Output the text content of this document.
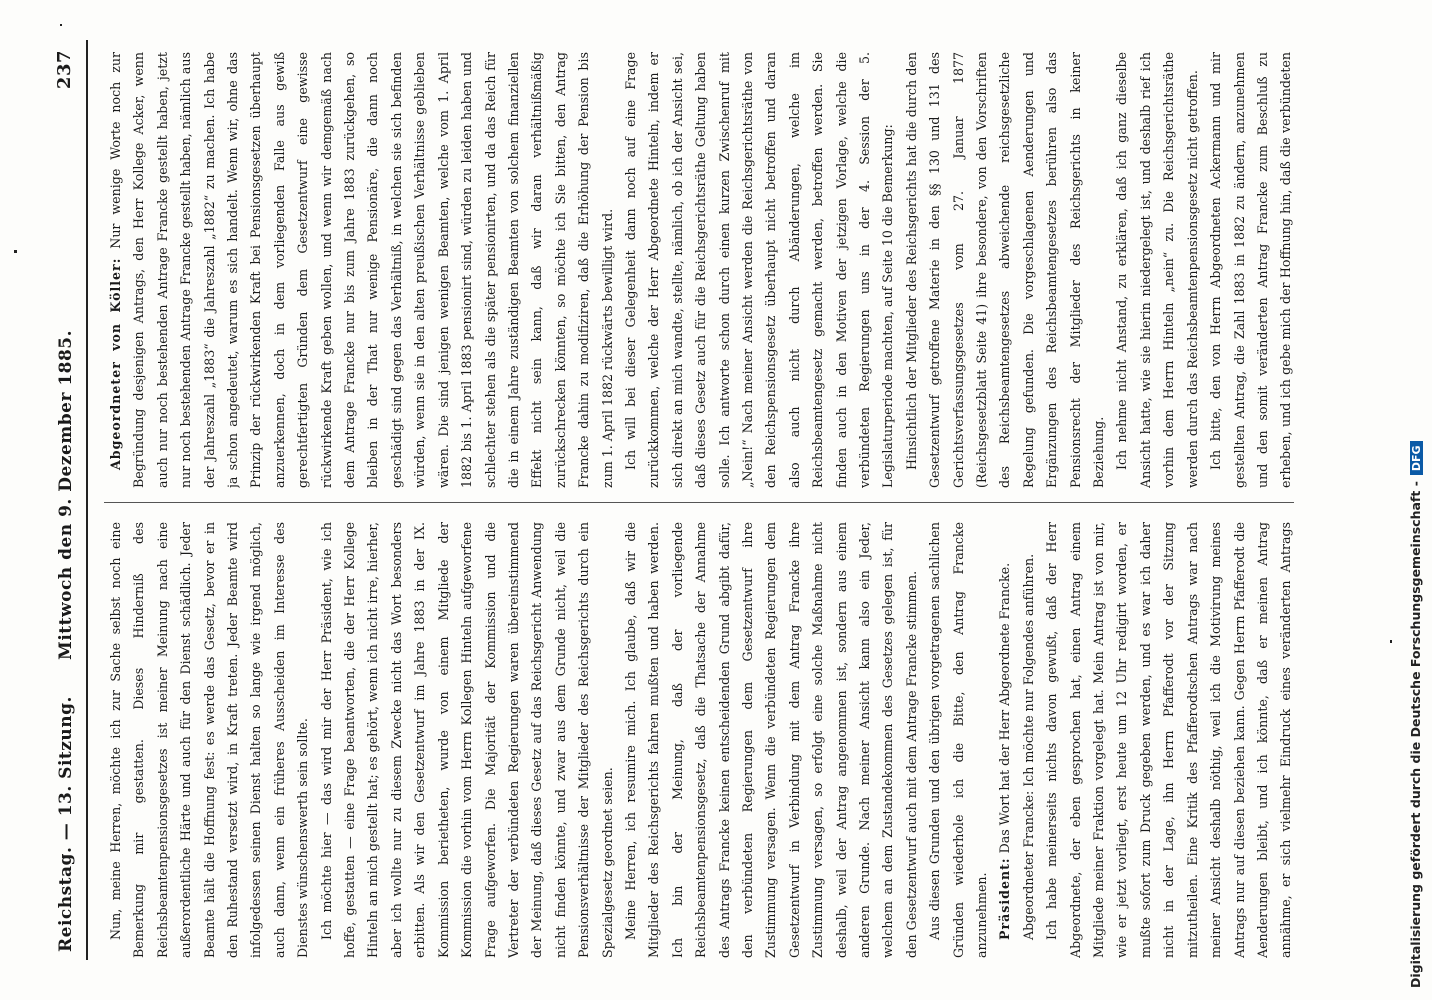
Reichstag. — 13. Sitzung.
Mittwoch den 9. Dezember 1885.
237

Nun, meine Herren, möchte ich zur Sache selbst noch eine Bemerkung mir gestatten. Dieses Hinderniß des Reichsbeamtenpensionsgesetzes ist meiner Meinung nach eine außerordentliche Härte und auch für den Dienst schädlich. Jeder Beamte hält die Hoffnung fest: es werde das Gesetz, bevor er in den Ruhestand versetzt wird, in Kraft treten. Jeder Beamte wird infolgedessen seinen Dienst halten so lange wie irgend möglich, auch dann, wenn ein früheres Ausscheiden im Interesse des Dienstes wünschenswerth sein sollte. Ich möchte hier — das wird mir der Herr Präsident, wie ich hoffe, gestatten — eine Frage beantworten, die der Herr Kollege Hinteln an mich gestellt hat; es gehört, wenn ich nicht irre, hierher, aber ich wollte nur zu diesem Zwecke nicht das Wort besonders erbitten. Als wir den Gesetzentwurf im Jahre 1883 in der IX. Kommission berietheten, wurde von einem Mitgliede der Kommission die vorhin vom Herrn Kollegen Hinteln aufgeworfene Frage aufgeworfen. Die Majorität der Kommission und die Vertreter der verbündeten Regierungen waren übereinstimmend der Meinung, daß dieses Gesetz auf das Reichsgericht Anwendung nicht finden könnte, und zwar aus dem Grunde nicht, weil die Pensionsverhältnisse der Mitglieder des Reichsgerichts durch ein Spezialgesetz geordnet seien. Meine Herren, ich resumire mich. Ich glaube, daß wir die Mitglieder des Reichsgerichts fahren mußten und haben werden. Ich bin der Meinung, daß der vorliegende Reichsbeamtenpensionsgesetz, daß die Thatsache der Annahme des Antrags Francke keinen entscheidenden Grund abgibt dafür, den verbündeten Regierungen dem Gesetzentwurf ihre Zustimmung versagen. Wenn die verbündeten Regierungen dem Gesetzentwurf in Verbindung mit dem Antrag Francke ihre Zustimmung versagen, so erfolgt eine solche Maßnahme nicht deshalb, weil der Antrag angenommen ist, sondern aus einem anderen Grunde. Nach meiner Ansicht kann also ein Jeder, welchem an dem Zustandekommen des Gesetzes gelegen ist, für den Gesetzentwurf auch mit dem Antrage Francke stimmen. Aus diesen Grunden und den übrigen vorgetragenen sachlichen Gründen wiederhole ich die Bitte, den Antrag Francke anzunehmen. Präsident: Das Wort hat der Herr Abgeordnete Francke. Abgeordneter Francke: Ich möchte nur Folgendes anführen. Ich habe meinerseits nichts davon gewußt, daß der Herr Abgeordnete, der eben gesprochen hat, einen Antrag einem Mitgliede meiner Fraktion vorgelegt hat. Mein Antrag ist von mir, wie er jetzt vorliegt, erst heute um 12 Uhr redigirt worden, er mußte sofort zum Druck gegeben werden, und es war ich daher nicht in der Lage, ihn Herrn Pfafferodt vor der Sitzung mitzutheilen. Eine Kritik des Pfafferodtschen Antrags war nach meiner Ansicht deshalb nöthig, weil ich die Motivirung meines Antrags nur auf diesen beziehen kann. Gegen Herrn Pfafferodt die Aenderungen bleibt, und ich könnte, daß er meinen Antrag annähme, er sich vielmehr Eindruck eines veränderten Antrags

Abgeordneter von Köller: Nur wenige Worte noch zur Begründung desjenigen Antrags, den Herr Kollege Acker, wenn auch nur noch bestehenden Antrage Francke gestellt haben, jetzt nur noch bestehenden Antrage Francke gestellt haben, nämlich aus der Jahreszahl „1883“ die Jahreszahl „1882“ zu machen. Ich habe ja schon angedeutet, warum es sich handelt. Wenn wir, ohne das Prinzip der rückwirkenden Kraft bei Pensionsgesetzen überhaupt anzuerkennen, doch in dem vorliegenden Falle aus gewiß gerechtfertigten Gründen dem Gesetzentwurf eine gewisse rückwirkende Kraft geben wollen, und wenn wir demgemäß nach dem Antrage Francke nur bis zum Jahre 1883 zurückgehen, so bleiben in der That nur wenige Pensionäre, die dann noch geschädigt sind gegen das Verhältniß, in welchen sie sich befinden würden, wenn sie in den alten preußischen Verhältnisse geblieben wären. Die sind jenigen wenigen Beamten, welche vom 1. April 1882 bis 1. April 1883 pensionirt sind, würden zu leiden haben und schlechter stehen als die später pensionirten, und da das Reich für die in einem Jahre zuständigen Beamten von solchem finanziellen Effekt nicht sein kann, daß wir daran verhältnißmäßig zurückschrecken könnten, so möchte ich Sie bitten, den Antrag Francke dahin zu modifiziren, daß die Erhöhung der Pension bis zum 1. April 1882 rückwärts bewilligt wird. Ich will bei dieser Gelegenheit dann noch auf eine Frage zurückkommen, welche der Herr Abgeordnete Hinteln, indem er sich direkt an mich wandte, stellte, nämlich, ob ich der Ansicht sei, daß dieses Gesetz auch für die Reichsgerichtsräthe Geltung haben solle. Ich antworte schon durch einen kurzen Zwischenruf mit „Nein!“ Nach meiner Ansicht werden die Reichsgerichtsräthe von den Reichspensionsgesetz überhaupt nicht betroffen und daran also auch nicht durch Abänderungen, welche im Reichsbeamtengesetz gemacht werden, betroffen werden. Sie finden auch in den Motiven der jetzigen Vorlage, welche die verbündeten Regierungen uns in der 4. Session der 5. Legislaturperiode machten, auf Seite 10 die Bemerkung: Hinsichtlich der Mitglieder des Reichsgerichts hat die durch den Gesetzentwurf getroffene Materie in den §§ 130 und 131 des Gerichtsverfassungsgesetzes vom 27. Januar 1877 (Reichsgesetzblatt Seite 41) ihre besondere, von den Vorschriften des Reichsbeamtengesetzes abweichende reichsgesetzliche Regelung gefunden. Die vorgeschlagenen Aenderungen und Ergänzungen des Reichsbeamtengesetzes berühren also das Pensionsrecht der Mitglieder des Reichsgerichts in keiner Beziehung. Ich nehme nicht Anstand, zu erklären, daß ich ganz dieselbe Ansicht hatte, wie sie hierin niedergelegt ist, und deshalb rief ich vorhin dem Herrn Hinteln „nein“ zu. Die Reichsgerichtsräthe werden durch das Reichsbeamtenpensionsgesetz nicht getroffen. Ich bitte, den von Herrn Abgeordneten Ackermann und mir gestellten Antrag, die Zahl 1883 in 1882 zu ändern, anzunehmen und den somit veränderten Antrag Francke zum Beschluß zu erheben, und ich gebe mich der Hoffnung hin, daß die verbündeten

Digitalisierung gefördert durch die Deutsche Forschungsgemeinschaft -DFG
